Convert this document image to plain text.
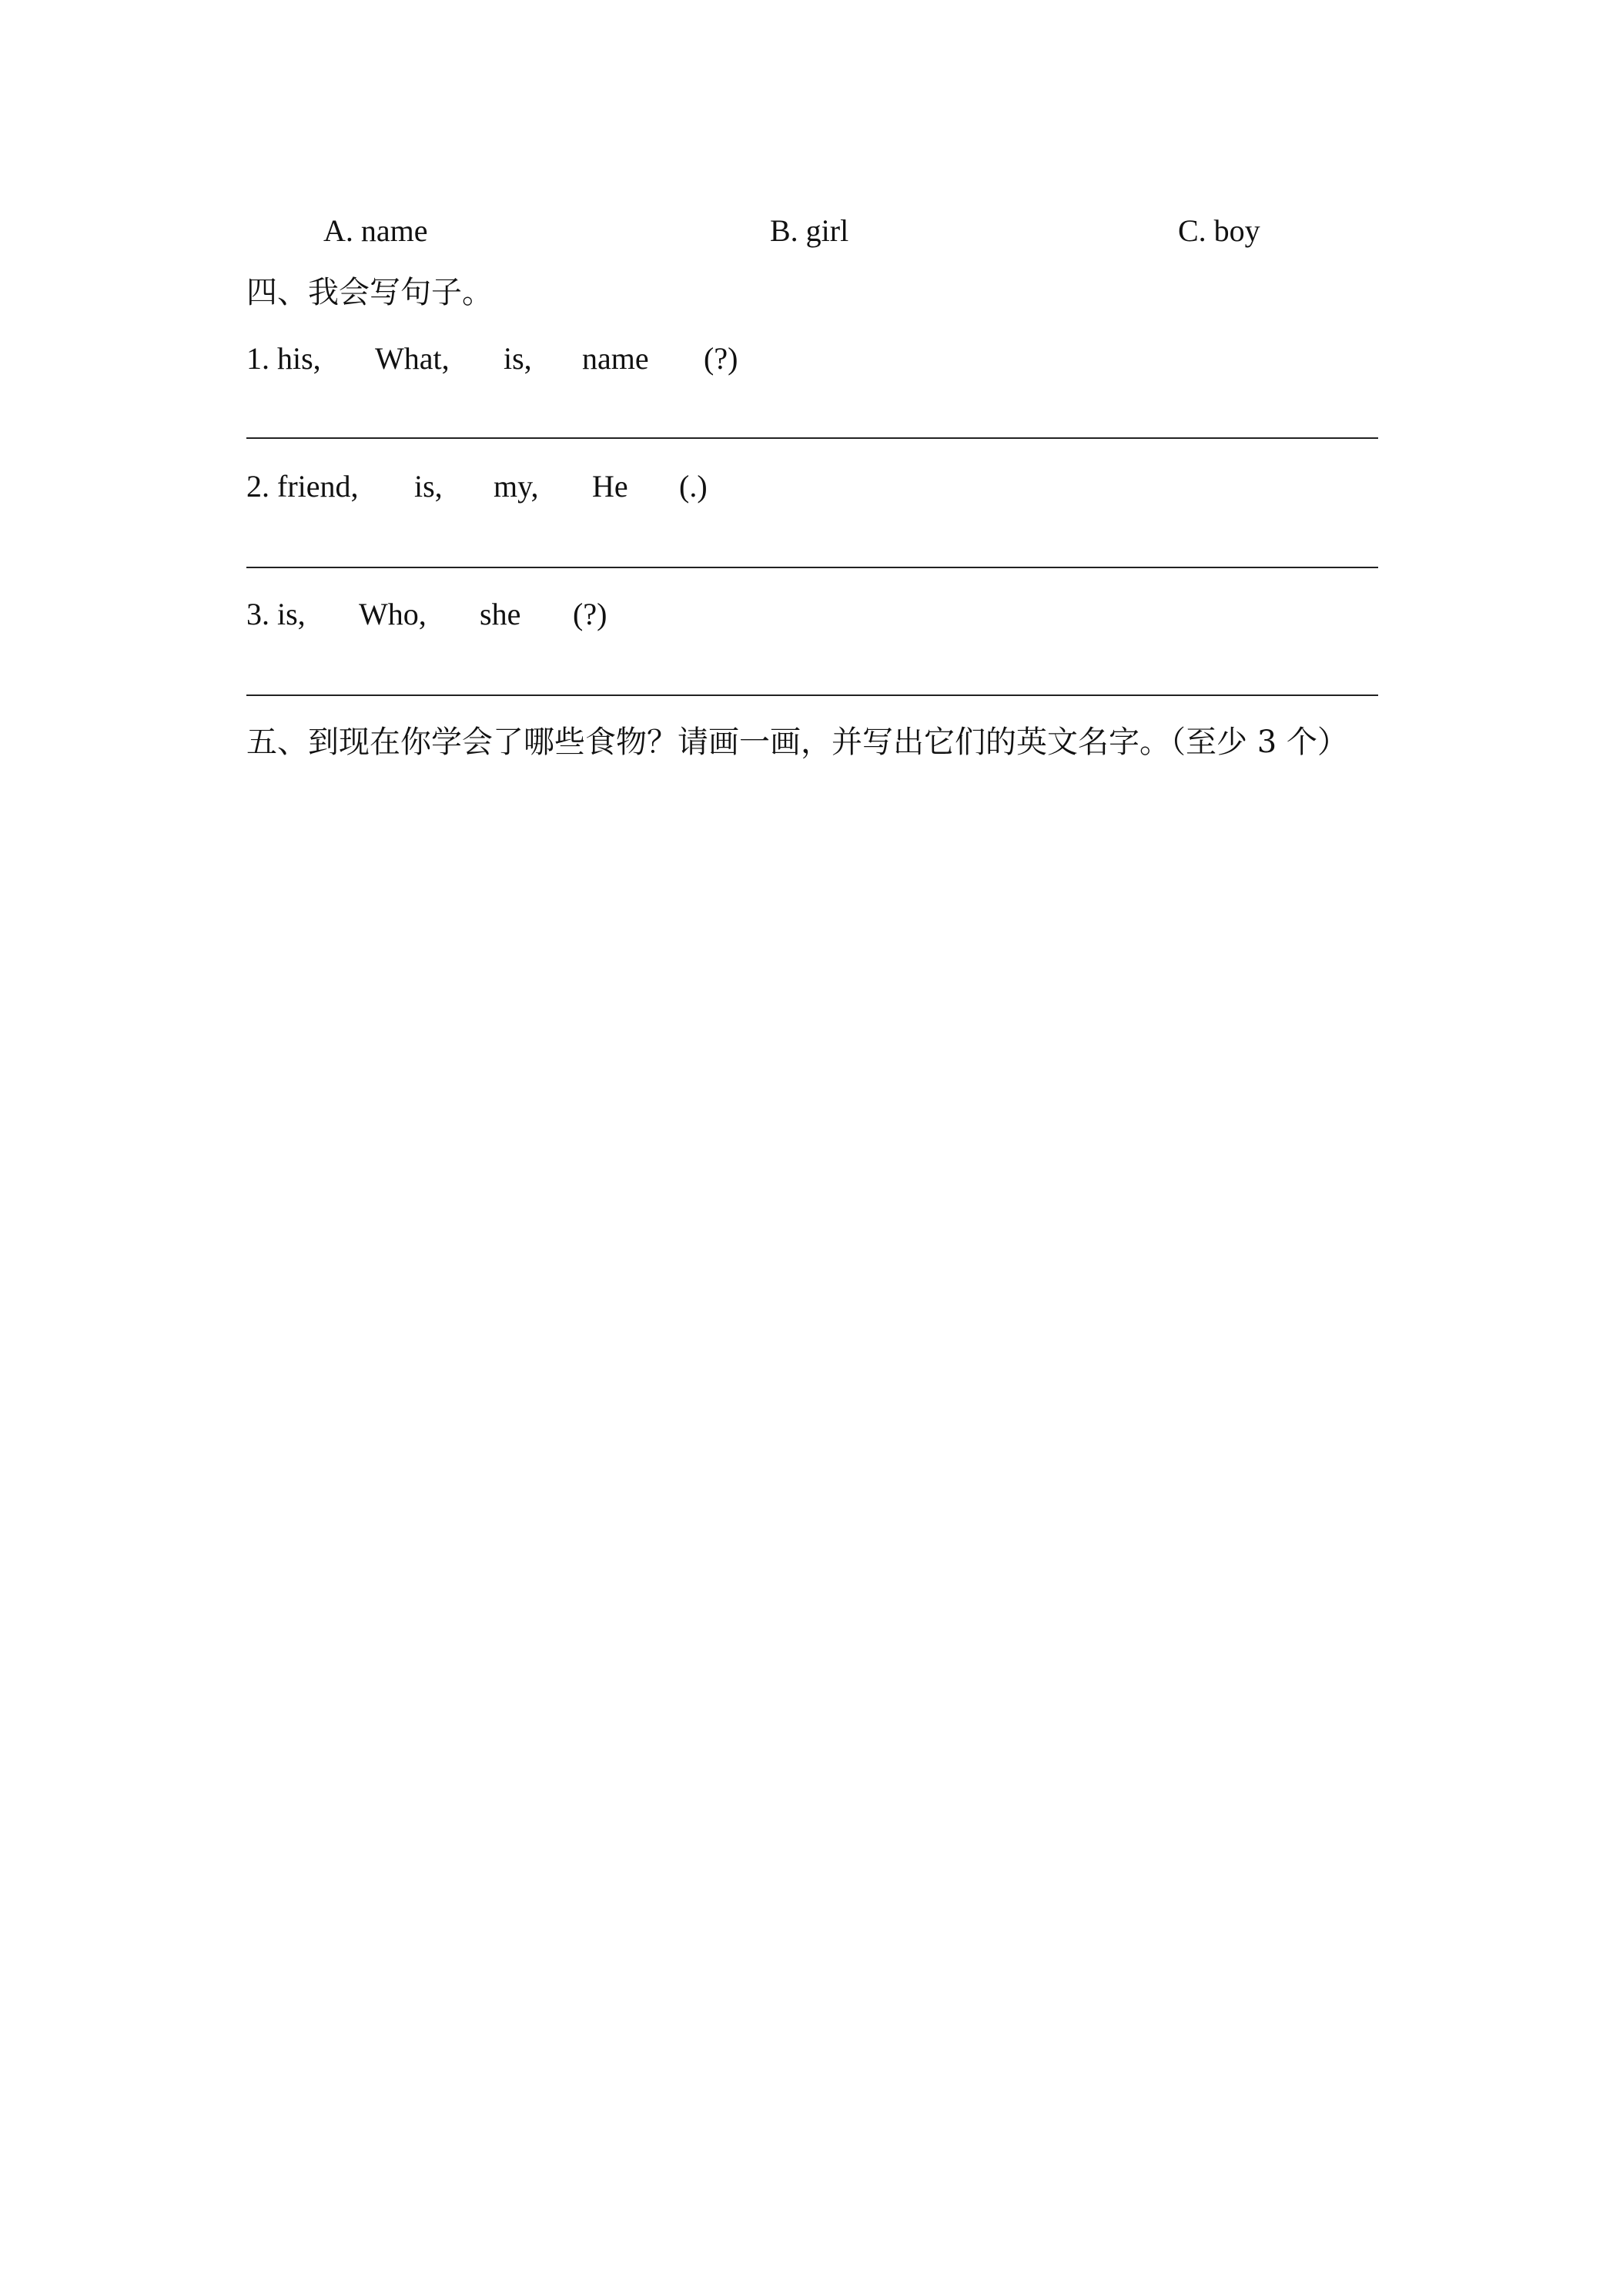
A. name	B. girl	C. boy
四、我会写句子。
1. his, What, is, name (?)
2. friend, is, my, He (.)
3. is, Who, she (?)
五、到现在你学会了哪些食物？请画一画，并写出它们的英文名字。（至少 3 个）
